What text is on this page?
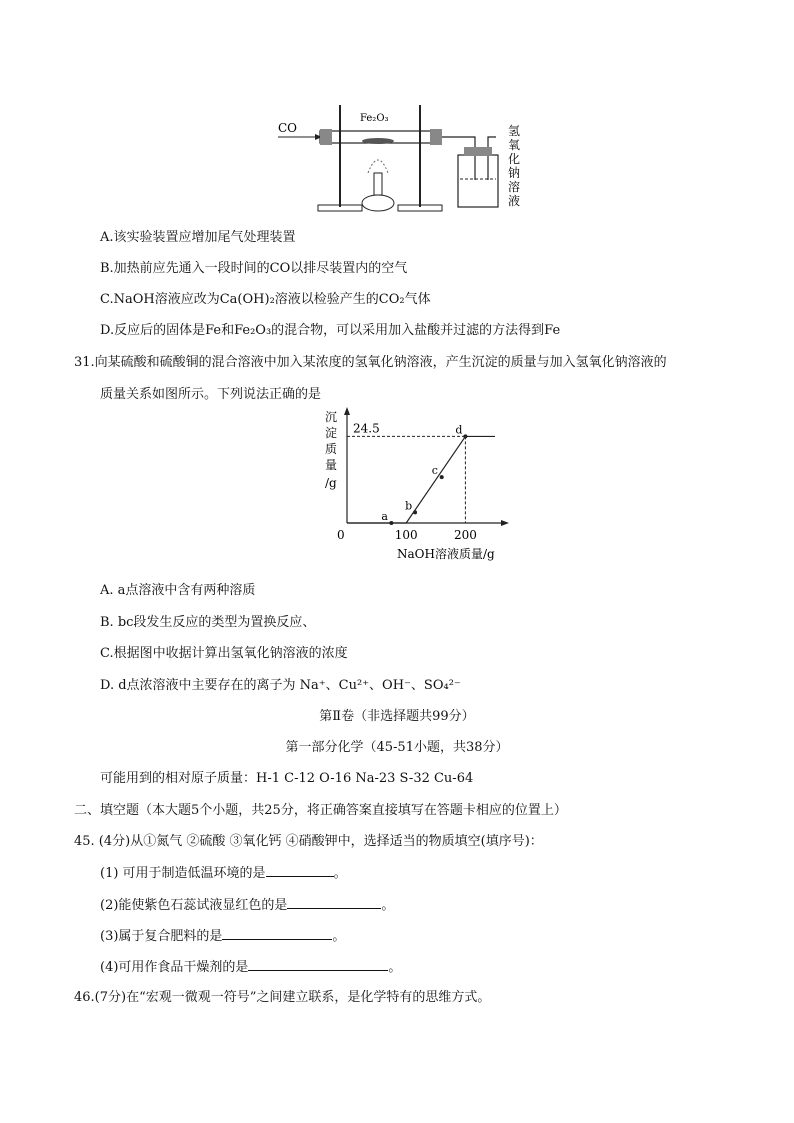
CO
Fe₂O₃
氢
氧
化
钠
溶
液
A.该实验装置应增加尾气处理装置
B.加热前应先通入一段时间的CO以排尽装置内的空气
C.NaOH溶液应改为Ca(OH)₂溶液以检验产生的CO₂气体
D.反应后的固体是Fe和Fe₂O₃的混合物，可以采用加入盐酸并过滤的方法得到Fe
31.向某硫酸和硫酸铜的混合溶液中加入某浓度的氢氧化钠溶液，产生沉淀的质量与加入氢氧化钠溶液的
质量关系如图所示。下列说法正确的是
沉
淀
质
量
/g
0	100	200
24.5
NaOH溶液质量/g
a
b
c
d
A. a点溶液中含有两种溶质
B. bc段发生反应的类型为置换反应、
C.根据图中收据计算出氢氧化钠溶液的浓度
D. d点浓溶液中主要存在的离子为 Na⁺、Cu²⁺、OH⁻、SO₄²⁻
第Ⅱ卷（非选择题共99分）
第一部分化学（45-51小题，共38分）
可能用到的相对原子质量：H-1 C-12 O-16 Na-23 S-32 Cu-64
二、填空题（本大题5个小题，共25分，将正确答案直接填写在答题卡相应的位置上）
45. (4分)从①氮气 ②硫酸 ③氧化钙 ④硝酸钾中，选择适当的物质填空(填序号)：
(1) 可用于制造低温环境的是	。
(2)能使紫色石蕊试液显红色的是	。
(3)属于复合肥料的是	。
(4)可用作食品干燥剂的是	。
46.(7分)在“宏观一微观一符号”之间建立联系，是化学特有的思维方式。
